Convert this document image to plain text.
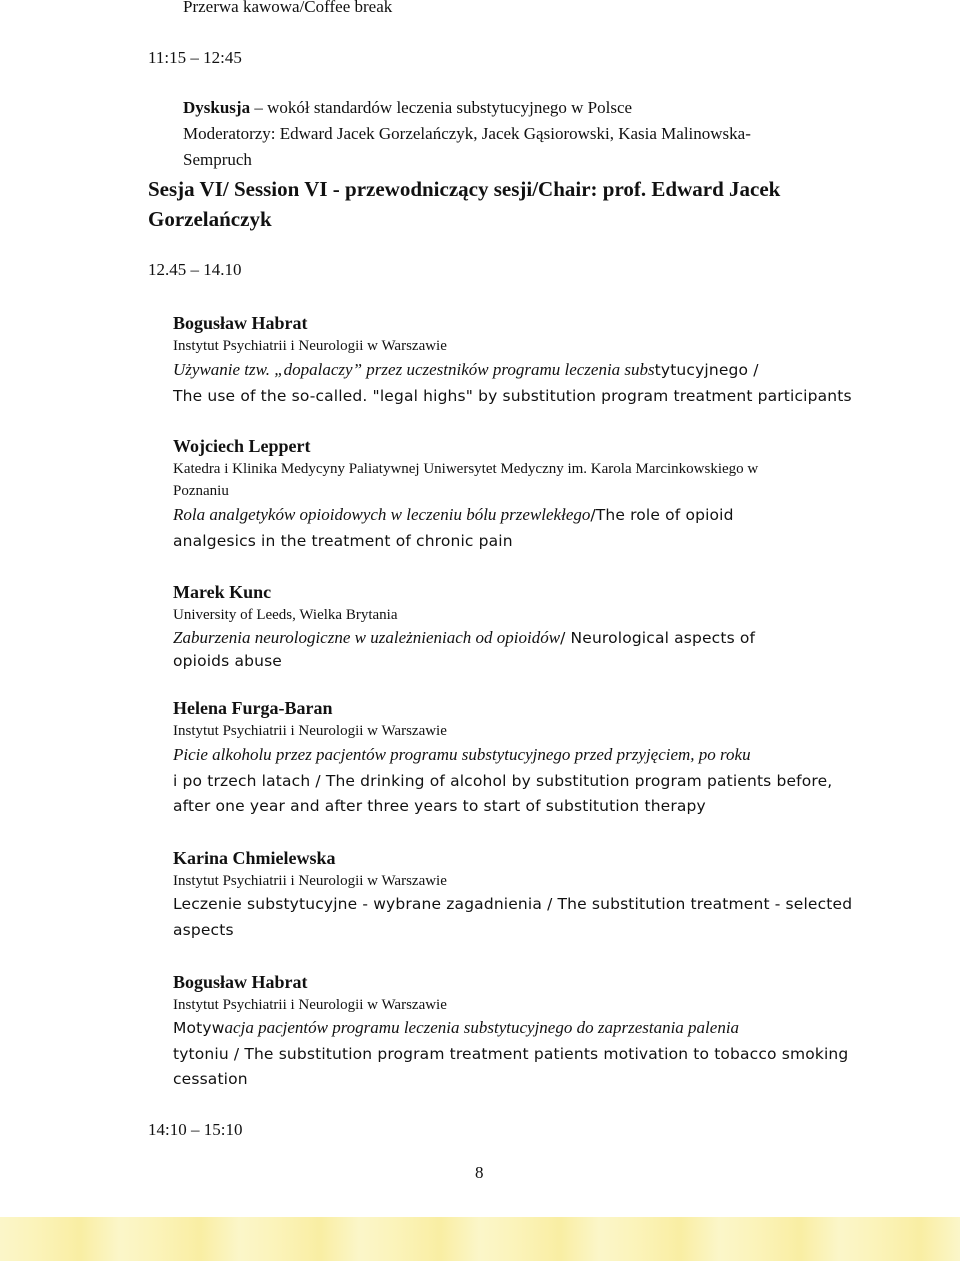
Przerwa kawowa/Coffee break
11:15 – 12:45
Dyskusja – wokół standardów leczenia substytucyjnego w Polsce
Moderatorzy: Edward Jacek Gorzelańczyk, Jacek Gąsiorowski, Kasia Malinowska-
Sempruch
Sesja VI/ Session VI - przewodniczący sesji/Chair: prof. Edward Jacek
Gorzelańczyk
12.45 – 14.10
Bogusław Habrat
Instytut Psychiatrii i Neurologii w Warszawie
Używanie tzw. „dopalaczy” przez uczestników programu leczenia substytucyjnego /
The use of the so-called. "legal highs" by substitution program treatment participants
Wojciech Leppert
Katedra i Klinika Medycyny Paliatywnej Uniwersytet Medyczny im. Karola Marcinkowskiego w
Poznaniu
Rola analgetyków opioidowych w leczeniu bólu przewlekłego/The role of opioid
analgesics in the treatment of chronic pain
Marek Kunc
University of Leeds, Wielka Brytania
Zaburzenia neurologiczne w uzależnieniach od opioidów/ Neurological aspects of
opioids abuse
Helena Furga-Baran
Instytut Psychiatrii i Neurologii w Warszawie
Picie alkoholu przez pacjentów programu substytucyjnego przed przyjęciem, po roku
i po trzech latach / The drinking of alcohol by substitution program patients before,
after one year and after three years to start of substitution therapy
Karina Chmielewska
Instytut Psychiatrii i Neurologii w Warszawie
Leczenie substytucyjne - wybrane zagadnienia / The substitution treatment - selected
aspects
Bogusław Habrat
Instytut Psychiatrii i Neurologii w Warszawie
Motywacja pacjentów programu leczenia substytucyjnego do zaprzestania palenia
tytoniu / The substitution program treatment patients motivation to tobacco smoking
cessation
14:10 – 15:10
8
